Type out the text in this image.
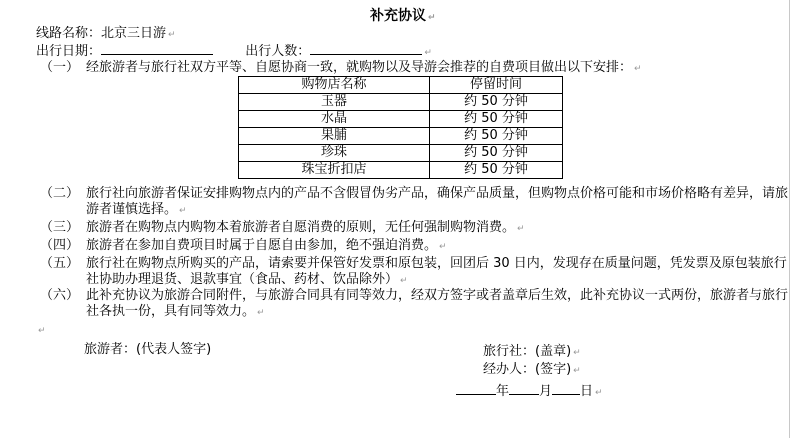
补充协议 ↵
线路名称：北京三日游 ↵
出行日期：	出行人数：	↵
（一） 经旅游者与旅行社双方平等、自愿协商一致，就购物以及导游会推荐的自费项目做出以下安排： ↵
购物店名称	停留时间
玉器	约 50 分钟
水晶	约 50 分钟
果脯	约 50 分钟
珍珠	约 50 分钟
珠宝折扣店	约 50 分钟
（二） 旅行社向旅游者保证安排购物点内的产品不含假冒伪劣产品，确保产品质量，但购物点价格可能和市场价格略有差异，请旅游者谨慎选择。 ↵
（三） 旅游者在购物点内购物本着旅游者自愿消费的原则，无任何强制购物消费。 ↵
（四） 旅游者在参加自费项目时属于自愿自由参加，绝不强迫消费。 ↵
（五） 旅行社在购物点所购买的产品，请索要并保管好发票和原包装，回团后 30 日内，发现存在质量问题，凭发票及原包装旅行社协助办理退货、退款事宜（食品、药材、饮品除外） ↵
（六） 此补充协议为旅游合同附件，与旅游合同具有同等效力，经双方签字或者盖章后生效，此补充协议一式两份，旅游者与旅行社各执一份，具有同等效力。 ↵
↵
旅游者：(代表人签字)	旅行社：(盖章) ↵
经办人：(签字) ↵
年 月 日 ↵
